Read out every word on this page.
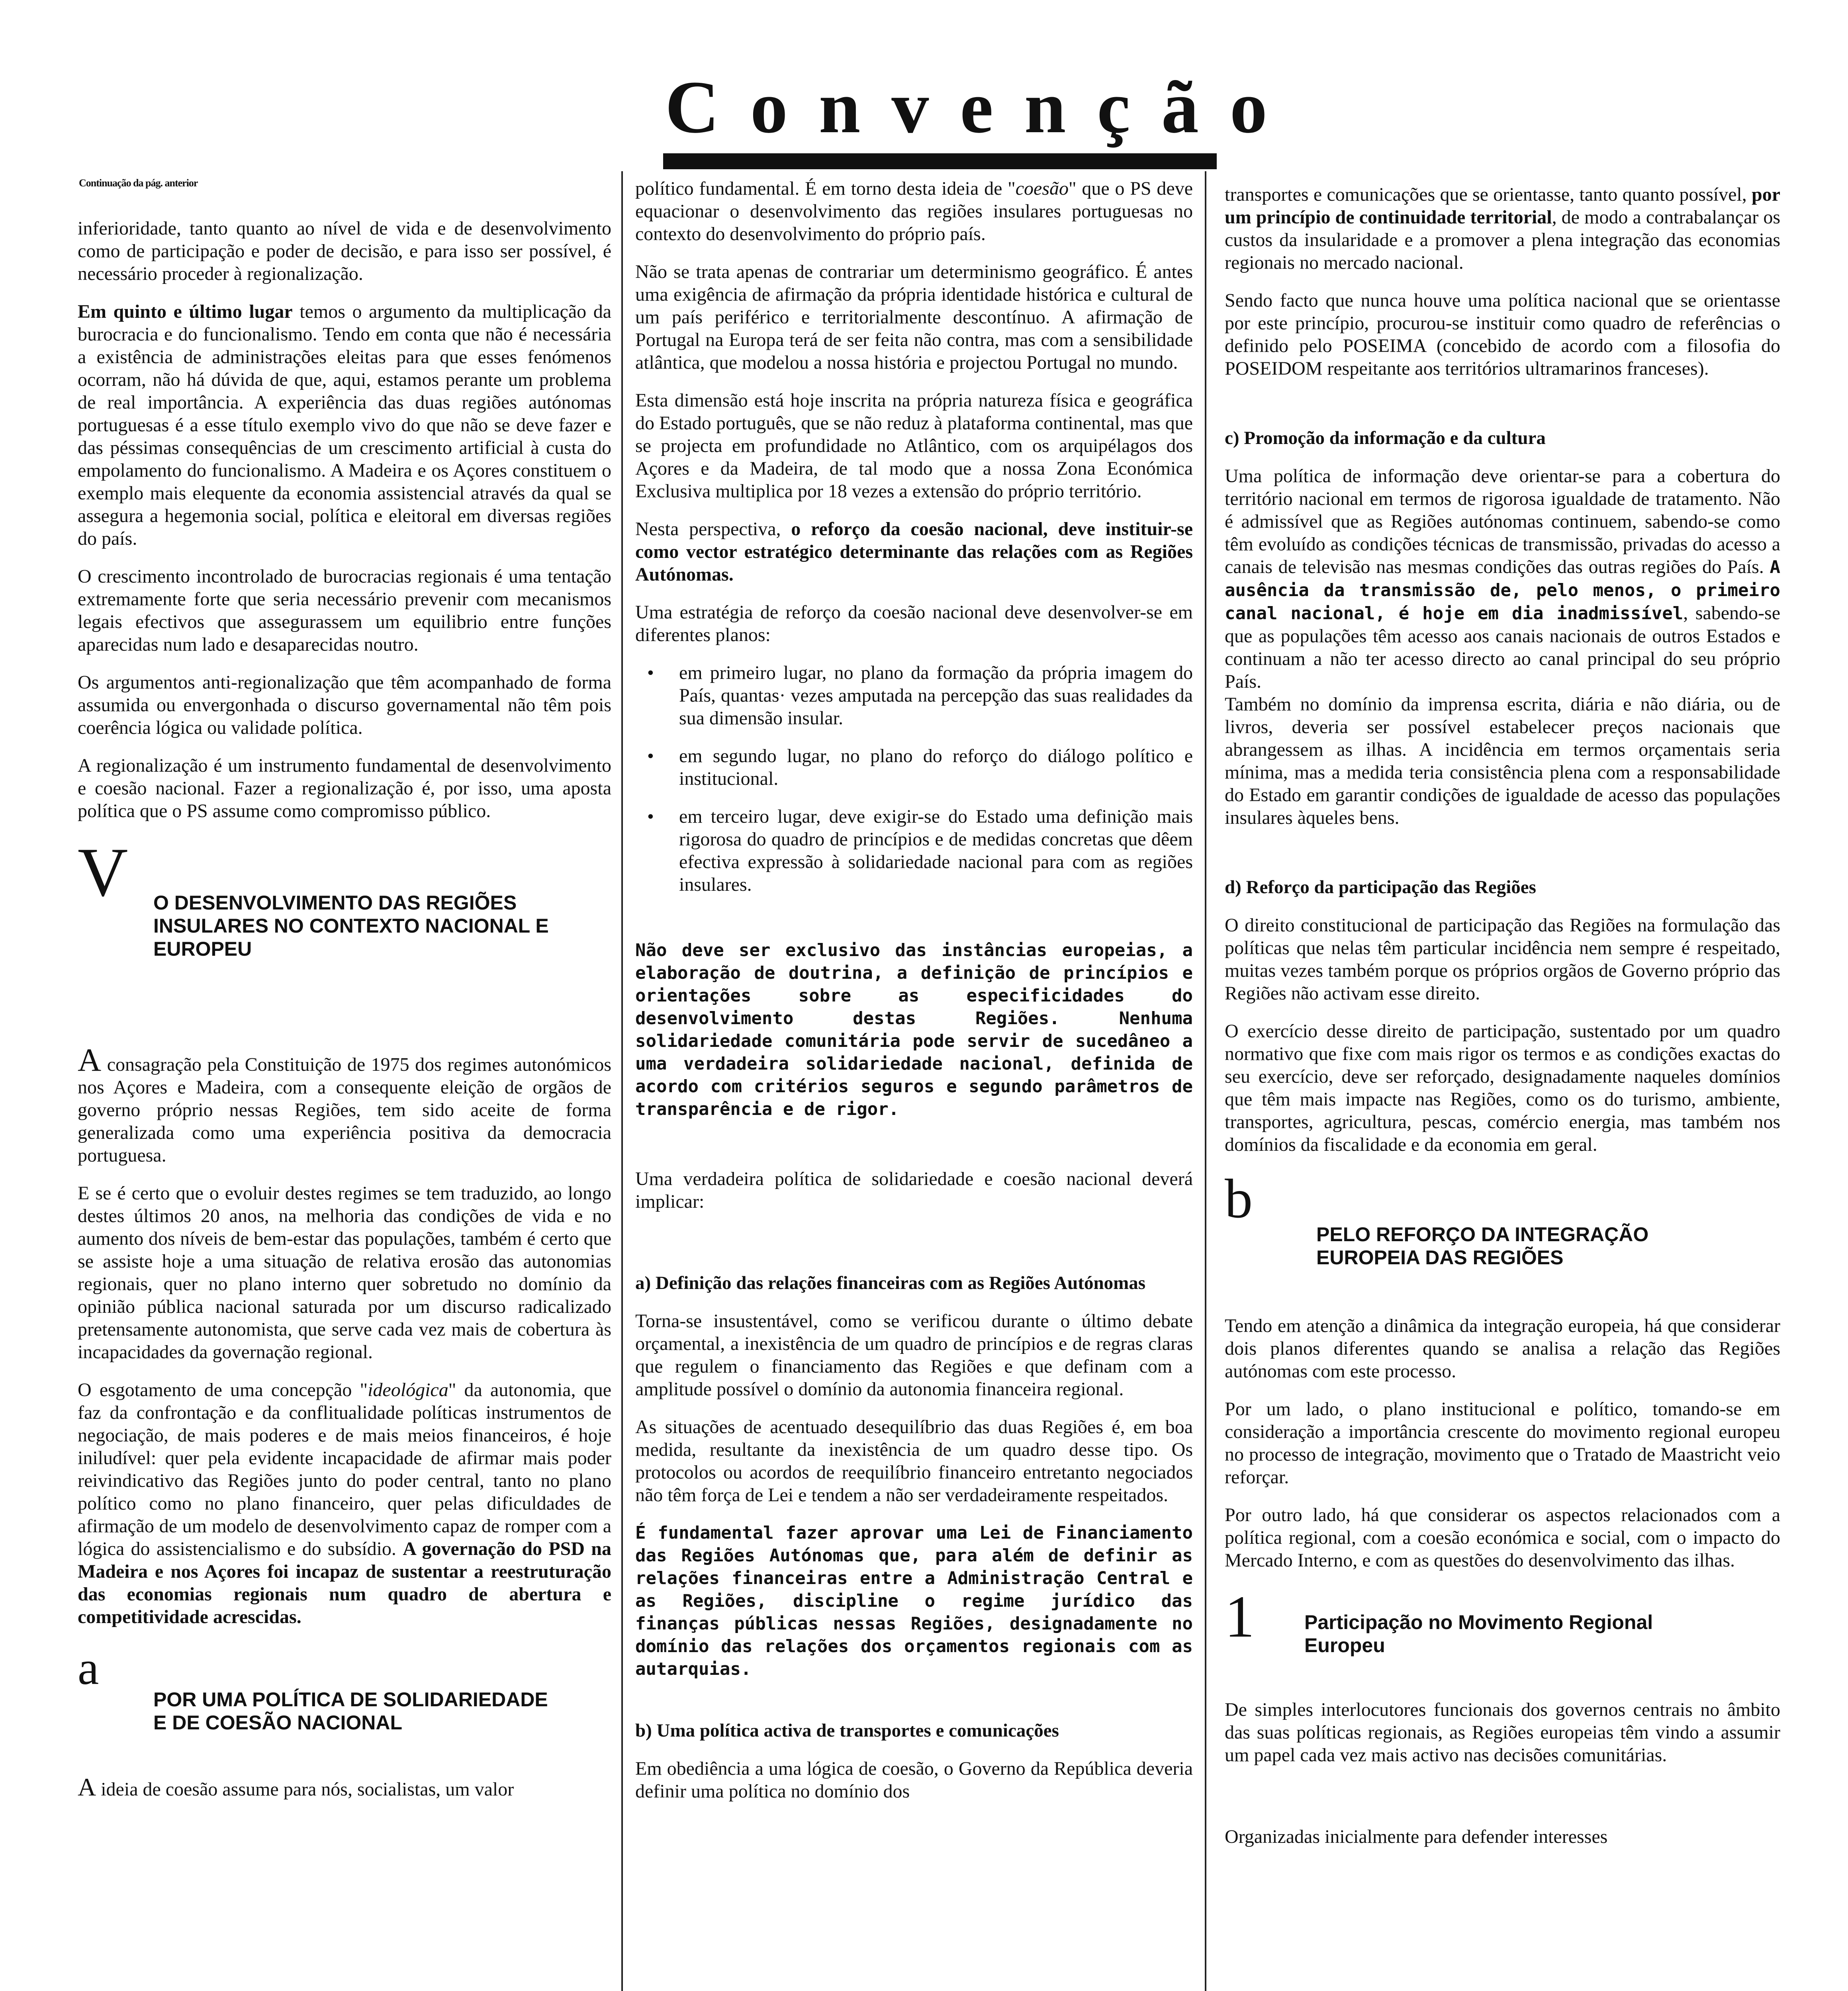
Convenção
Continuação da pág. anterior

inferioridade, tanto quanto ao nível de vida e de desenvolvimento como de participação e poder de decisão, e para isso ser possível, é necessário proceder à regionalização.

Em quinto e último lugar temos o argumento da multiplicação da burocracia e do funcionalismo. Tendo em conta que não é necessária a existência de administrações eleitas para que esses fenómenos ocorram, não há dúvida de que, aqui, estamos perante um problema de real importância. A experiência das duas regiões autónomas portuguesas é a esse título exemplo vivo do que não se deve fazer e das péssimas consequências de um crescimento artificial à custa do empolamento do funcionalismo. A Madeira e os Açores constituem o exemplo mais elequente da economia assistencial através da qual se assegura a hegemonia social, política e eleitoral em diversas regiões do país.

O crescimento incontrolado de burocracias regionais é uma tentação extremamente forte que seria necessário prevenir com mecanismos legais efectivos que assegurassem um equilibrio entre funções aparecidas num lado e desaparecidas noutro.

Os argumentos anti-regionalização que têm acompanhado de forma assumida ou envergonhada o discurso governamental não têm pois coerência lógica ou validade política.

A regionalização é um instrumento fundamental de desenvolvimento e coesão nacional. Fazer a regionalização é, por isso, uma aposta política que o PS assume como compromisso público.

V O DESENVOLVIMENTO DAS REGIÕES INSULARES NO CONTEXTO NACIONAL E EUROPEU

A consagração pela Constituição de 1975 dos regimes autonómicos nos Açores e Madeira, com a consequente eleição de orgãos de governo próprio nessas Regiões, tem sido aceite de forma generalizada como uma experiência positiva da democracia portuguesa.

E se é certo que o evoluir destes regimes se tem traduzido, ao longo destes últimos 20 anos, na melhoria das condições de vida e no aumento dos níveis de bem-estar das populações, também é certo que se assiste hoje a uma situação de relativa erosão das autonomias regionais, quer no plano interno quer sobretudo no domínio da opinião pública nacional saturada por um discurso radicalizado pretensamente autonomista, que serve cada vez mais de cobertura às incapacidades da governação regional.

O esgotamento de uma concepção "ideológica" da autonomia, que faz da confrontação e da conflitualidade políticas instrumentos de negociação, de mais poderes e de mais meios financeiros, é hoje iniludível: quer pela evidente incapacidade de afirmar mais poder reivindicativo das Regiões junto do poder central, tanto no plano político como no plano financeiro, quer pelas dificuldades de afirmação de um modelo de desenvolvimento capaz de romper com a lógica do assistencialismo e do subsídio. A governação do PSD na Madeira e nos Açores foi incapaz de sustentar a reestruturação das economias regionais num quadro de abertura e competitividade acrescidas.

a
POR UMA POLÍTICA DE SOLIDARIEDADE E DE COESÃO NACIONAL

A ideia de coesão assume para nós, socialistas, um valor

político fundamental. É em torno desta ideia de "coesão" que o PS deve equacionar o desenvolvimento das regiões insulares portuguesas no contexto do desenvolvimento do próprio país.

Não se trata apenas de contrariar um determinismo geográfico. É antes uma exigência de afirmação da própria identidade histórica e cultural de um país periférico e territorialmente descontínuo. A afirmação de Portugal na Europa terá de ser feita não contra, mas com a sensibilidade atlântica, que modelou a nossa história e projectou Portugal no mundo.

Esta dimensão está hoje inscrita na própria natureza física e geográfica do Estado português, que se não reduz à plataforma continental, mas que se projecta em profundidade no Atlântico, com os arquipélagos dos Açores e da Madeira, de tal modo que a nossa Zona Económica Exclusiva multiplica por 18 vezes a extensão do próprio território.

Nesta perspectiva, o reforço da coesão nacional, deve instituir-se como vector estratégico determinante das relações com as Regiões Autónomas.

Uma estratégia de reforço da coesão nacional deve desenvolver-se em diferentes planos:

• em primeiro lugar, no plano da formação da própria imagem do País, quantas· vezes amputada na percepção das suas realidades da sua dimensão insular.
• em segundo lugar, no plano do reforço do diálogo político e institucional.
• em terceiro lugar, deve exigir-se do Estado uma definição mais rigorosa do quadro de princípios e de medidas concretas que dêem efectiva expressão à solidariedade nacional para com as regiões insulares.

Não deve ser exclusivo das instâncias europeias, a elaboração de doutrina, a definição de princípios e orientações sobre as especificidades do desenvolvimento destas Regiões. Nenhuma solidariedade comunitária pode servir de sucedâneo a uma verdadeira solidariedade nacional, definida de acordo com critérios seguros e segundo parâmetros de transparência e de rigor.

Uma verdadeira política de solidariedade e coesão nacional deverá implicar:

a) Definição das relações financeiras com as Regiões Autónomas

Torna-se insustentável, como se verificou durante o último debate orçamental, a inexistência de um quadro de princípios e de regras claras que regulem o financiamento das Regiões e que definam com a amplitude possível o domínio da autonomia financeira regional.

As situações de acentuado desequilíbrio das duas Regiões é, em boa medida, resultante da inexistência de um quadro desse tipo. Os protocolos ou acordos de reequilíbrio financeiro entretanto negociados não têm força de Lei e tendem a não ser verdadeiramente respeitados.

É fundamental fazer aprovar uma Lei de Financiamento das Regiões Autónomas que, para além de definir as relações financeiras entre a Administração Central e as Regiões, discipline o regime jurídico das finanças públicas nessas Regiões, designadamente no domínio das relações dos orçamentos regionais com as autarquias.

b) Uma política activa de transportes e comunicações

Em obediência a uma lógica de coesão, o Governo da República deveria definir uma política no domínio dos

transportes e comunicações que se orientasse, tanto quanto possível, por um princípio de continuidade territorial, de modo a contrabalançar os custos da insularidade e a promover a plena integração das economias regionais no mercado nacional.

Sendo facto que nunca houve uma política nacional que se orientasse por este princípio, procurou-se instituir como quadro de referências o definido pelo POSEIMA (concebido de acordo com a filosofia do POSEIDOM respeitante aos territórios ultramarinos franceses).

c) Promoção da informação e da cultura

Uma política de informação deve orientar-se para a cobertura do território nacional em termos de rigorosa igualdade de tratamento. Não é admissível que as Regiões autónomas continuem, sabendo-se como têm evoluído as condições técnicas de transmissão, privadas do acesso a canais de televisão nas mesmas condições das outras regiões do País. A ausência da transmissão de, pelo menos, o primeiro canal nacional, é hoje em dia inadmissível, sabendo-se que as populações têm acesso aos canais nacionais de outros Estados e continuam a não ter acesso directo ao canal principal do seu próprio País.

Também no domínio da imprensa escrita, diária e não diária, ou de livros, deveria ser possível estabelecer preços nacionais que abrangessem as ilhas. A incidência em termos orçamentais seria mínima, mas a medida teria consistência plena com a responsabilidade do Estado em garantir condições de igualdade de acesso das populações insulares àqueles bens.

d) Reforço da participação das Regiões

O direito constitucional de participação das Regiões na formulação das políticas que nelas têm particular incidência nem sempre é respeitado, muitas vezes também porque os próprios orgãos de Governo próprio das Regiões não activam esse direito.

O exercício desse direito de participação, sustentado por um quadro normativo que fixe com mais rigor os termos e as condições exactas do seu exercício, deve ser reforçado, designadamente naqueles domínios que têm mais impacte nas Regiões, como os do turismo, ambiente, transportes, agricultura, pescas, comércio energia, mas também nos domínios da fiscalidade e da economia em geral.

b
PELO REFORÇO DA INTEGRAÇÃO EUROPEIA DAS REGIÕES

Tendo em atenção a dinâmica da integração europeia, há que considerar dois planos diferentes quando se analisa a relação das Regiões autónomas com este processo.

Por um lado, o plano institucional e político, tomando-se em consideração a importância crescente do movimento regional europeu no processo de integração, movimento que o Tratado de Maastricht veio reforçar.

Por outro lado, há que considerar os aspectos relacionados com a política regional, com a coesão económica e social, com o impacto do Mercado Interno, e com as questões do desenvolvimento das ilhas.

1	Participação no Movimento Regional Europeu

De simples interlocutores funcionais dos governos centrais no âmbito das suas políticas regionais, as Regiões europeias têm vindo a assumir um papel cada vez mais activo nas decisões comunitárias.

Organizadas inicialmente para defender interesses
